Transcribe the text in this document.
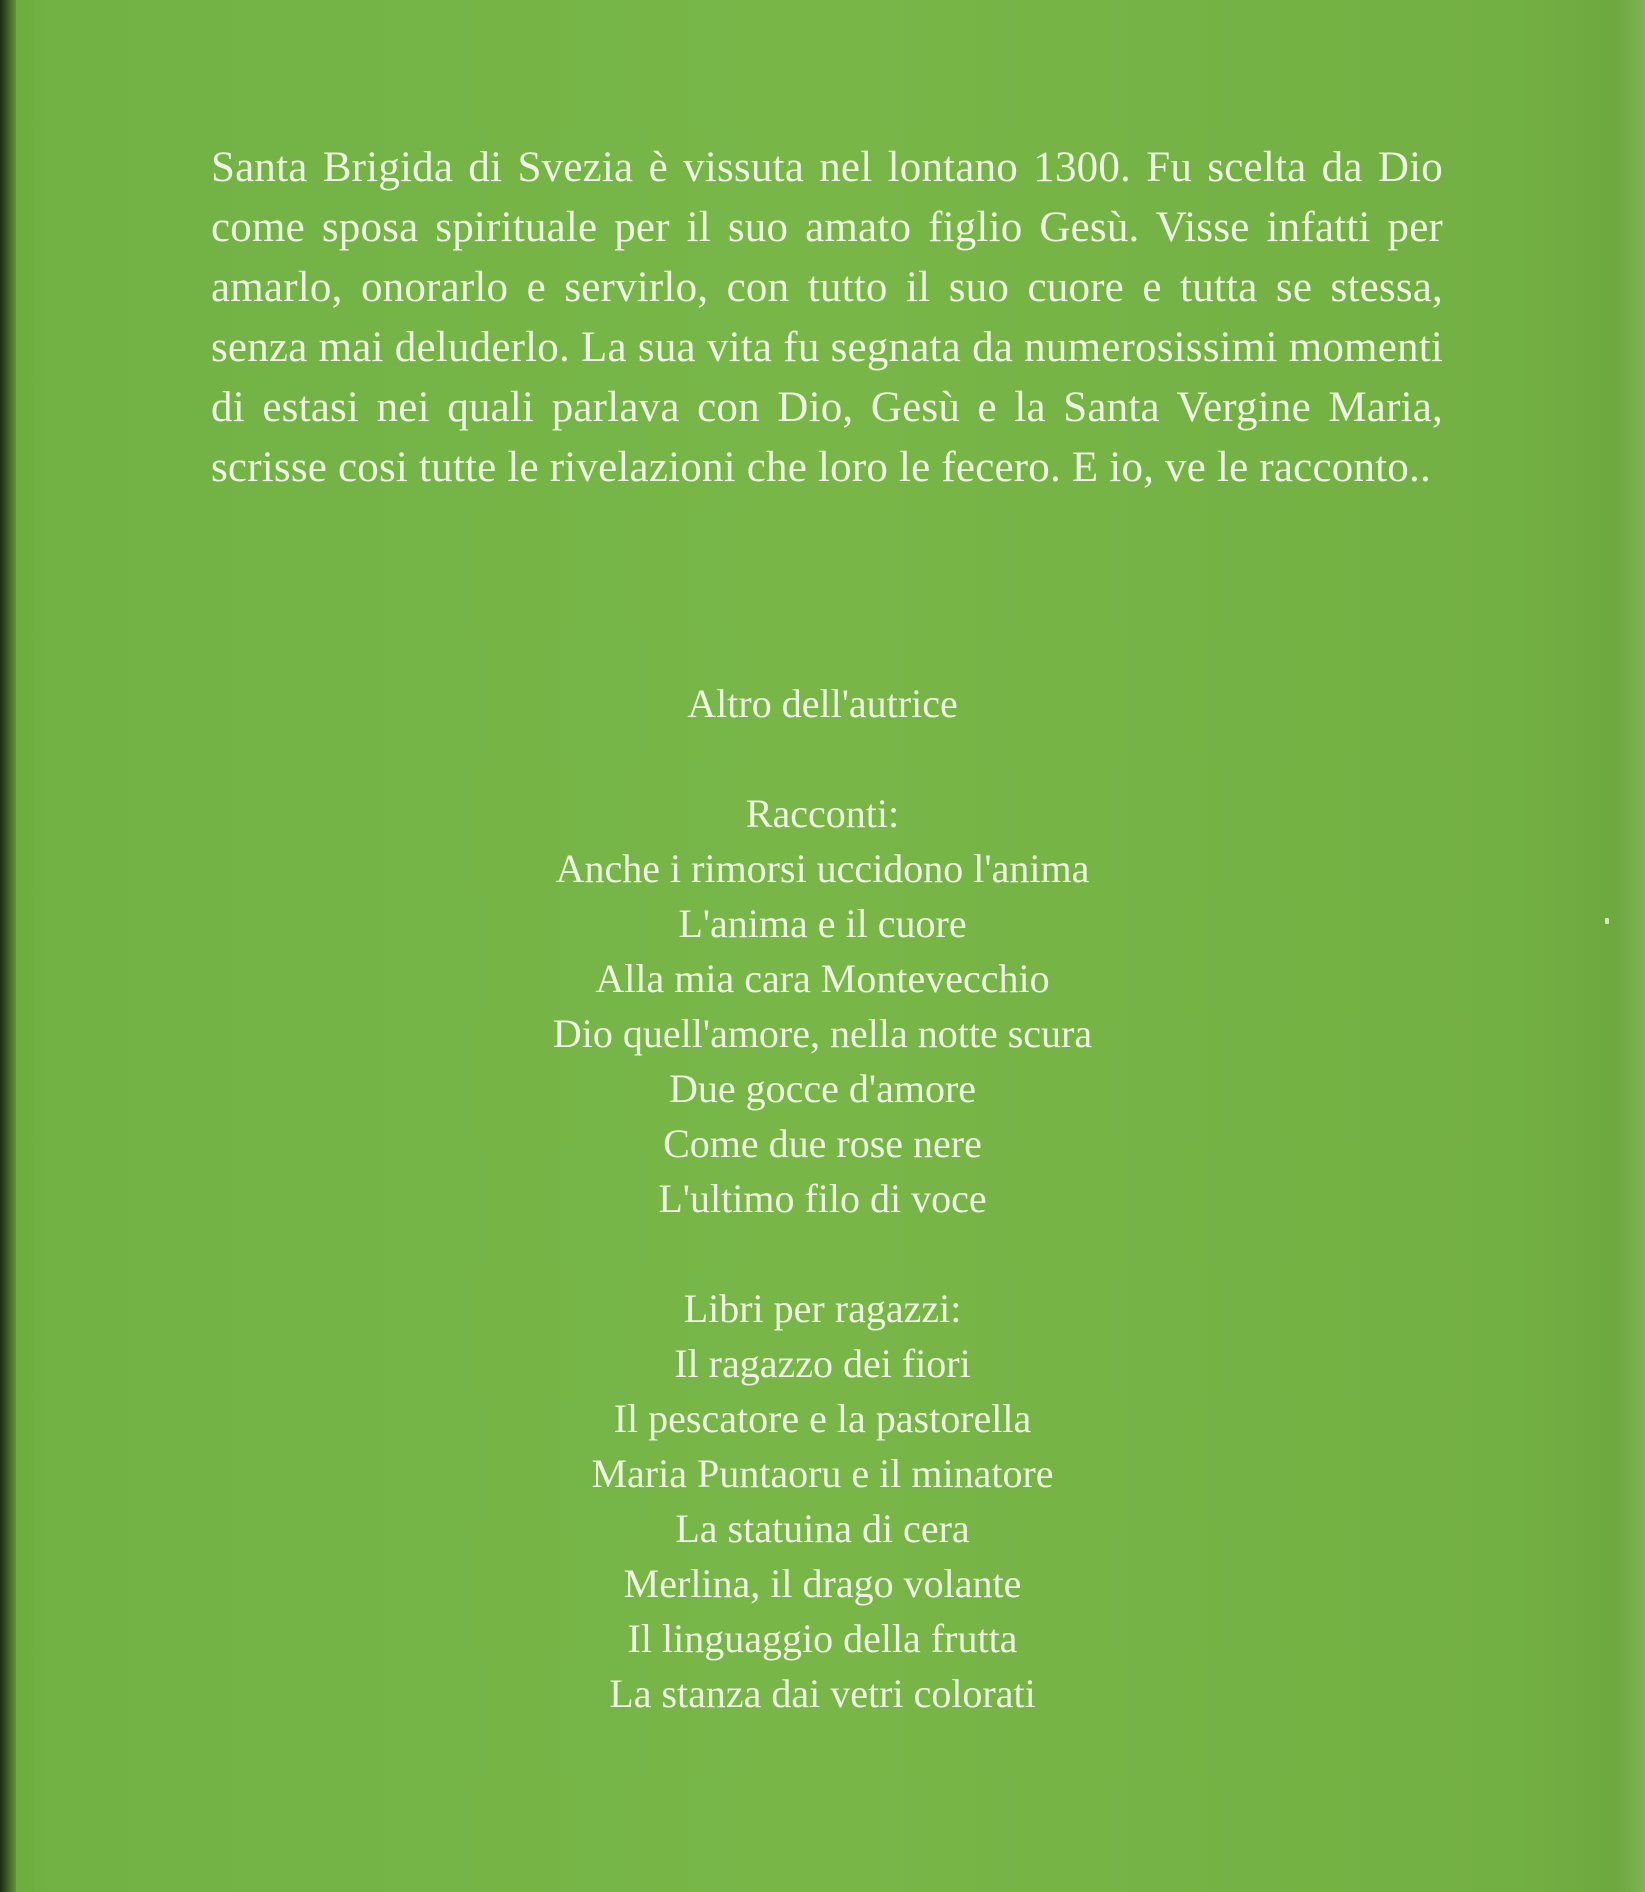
Santa Brigida di Svezia è vissuta nel lontano 1300. Fu scelta da Dio come sposa spirituale per il suo amato figlio Gesù. Visse infatti per amarlo, onorarlo e servirlo, con tutto il suo cuore e tutta se stessa, senza mai deluderlo. La sua vita fu segnata da numerosissimi momenti di estasi nei quali parlava con Dio, Gesù e la Santa Vergine Maria, scrisse cosi tutte le rivelazioni che loro le fecero. E io, ve le racconto..

Altro dell'autrice
Racconti:
Anche i rimorsi uccidono l'anima
L'anima e il cuore
Alla mia cara Montevecchio
Dio quell'amore, nella notte scura
Due gocce d'amore
Come due rose nere
L'ultimo filo di voce
Libri per ragazzi:
Il ragazzo dei fiori
Il pescatore e la pastorella
Maria Puntaoru e il minatore
La statuina di cera
Merlina, il drago volante
Il linguaggio della frutta
La stanza dai vetri colorati
